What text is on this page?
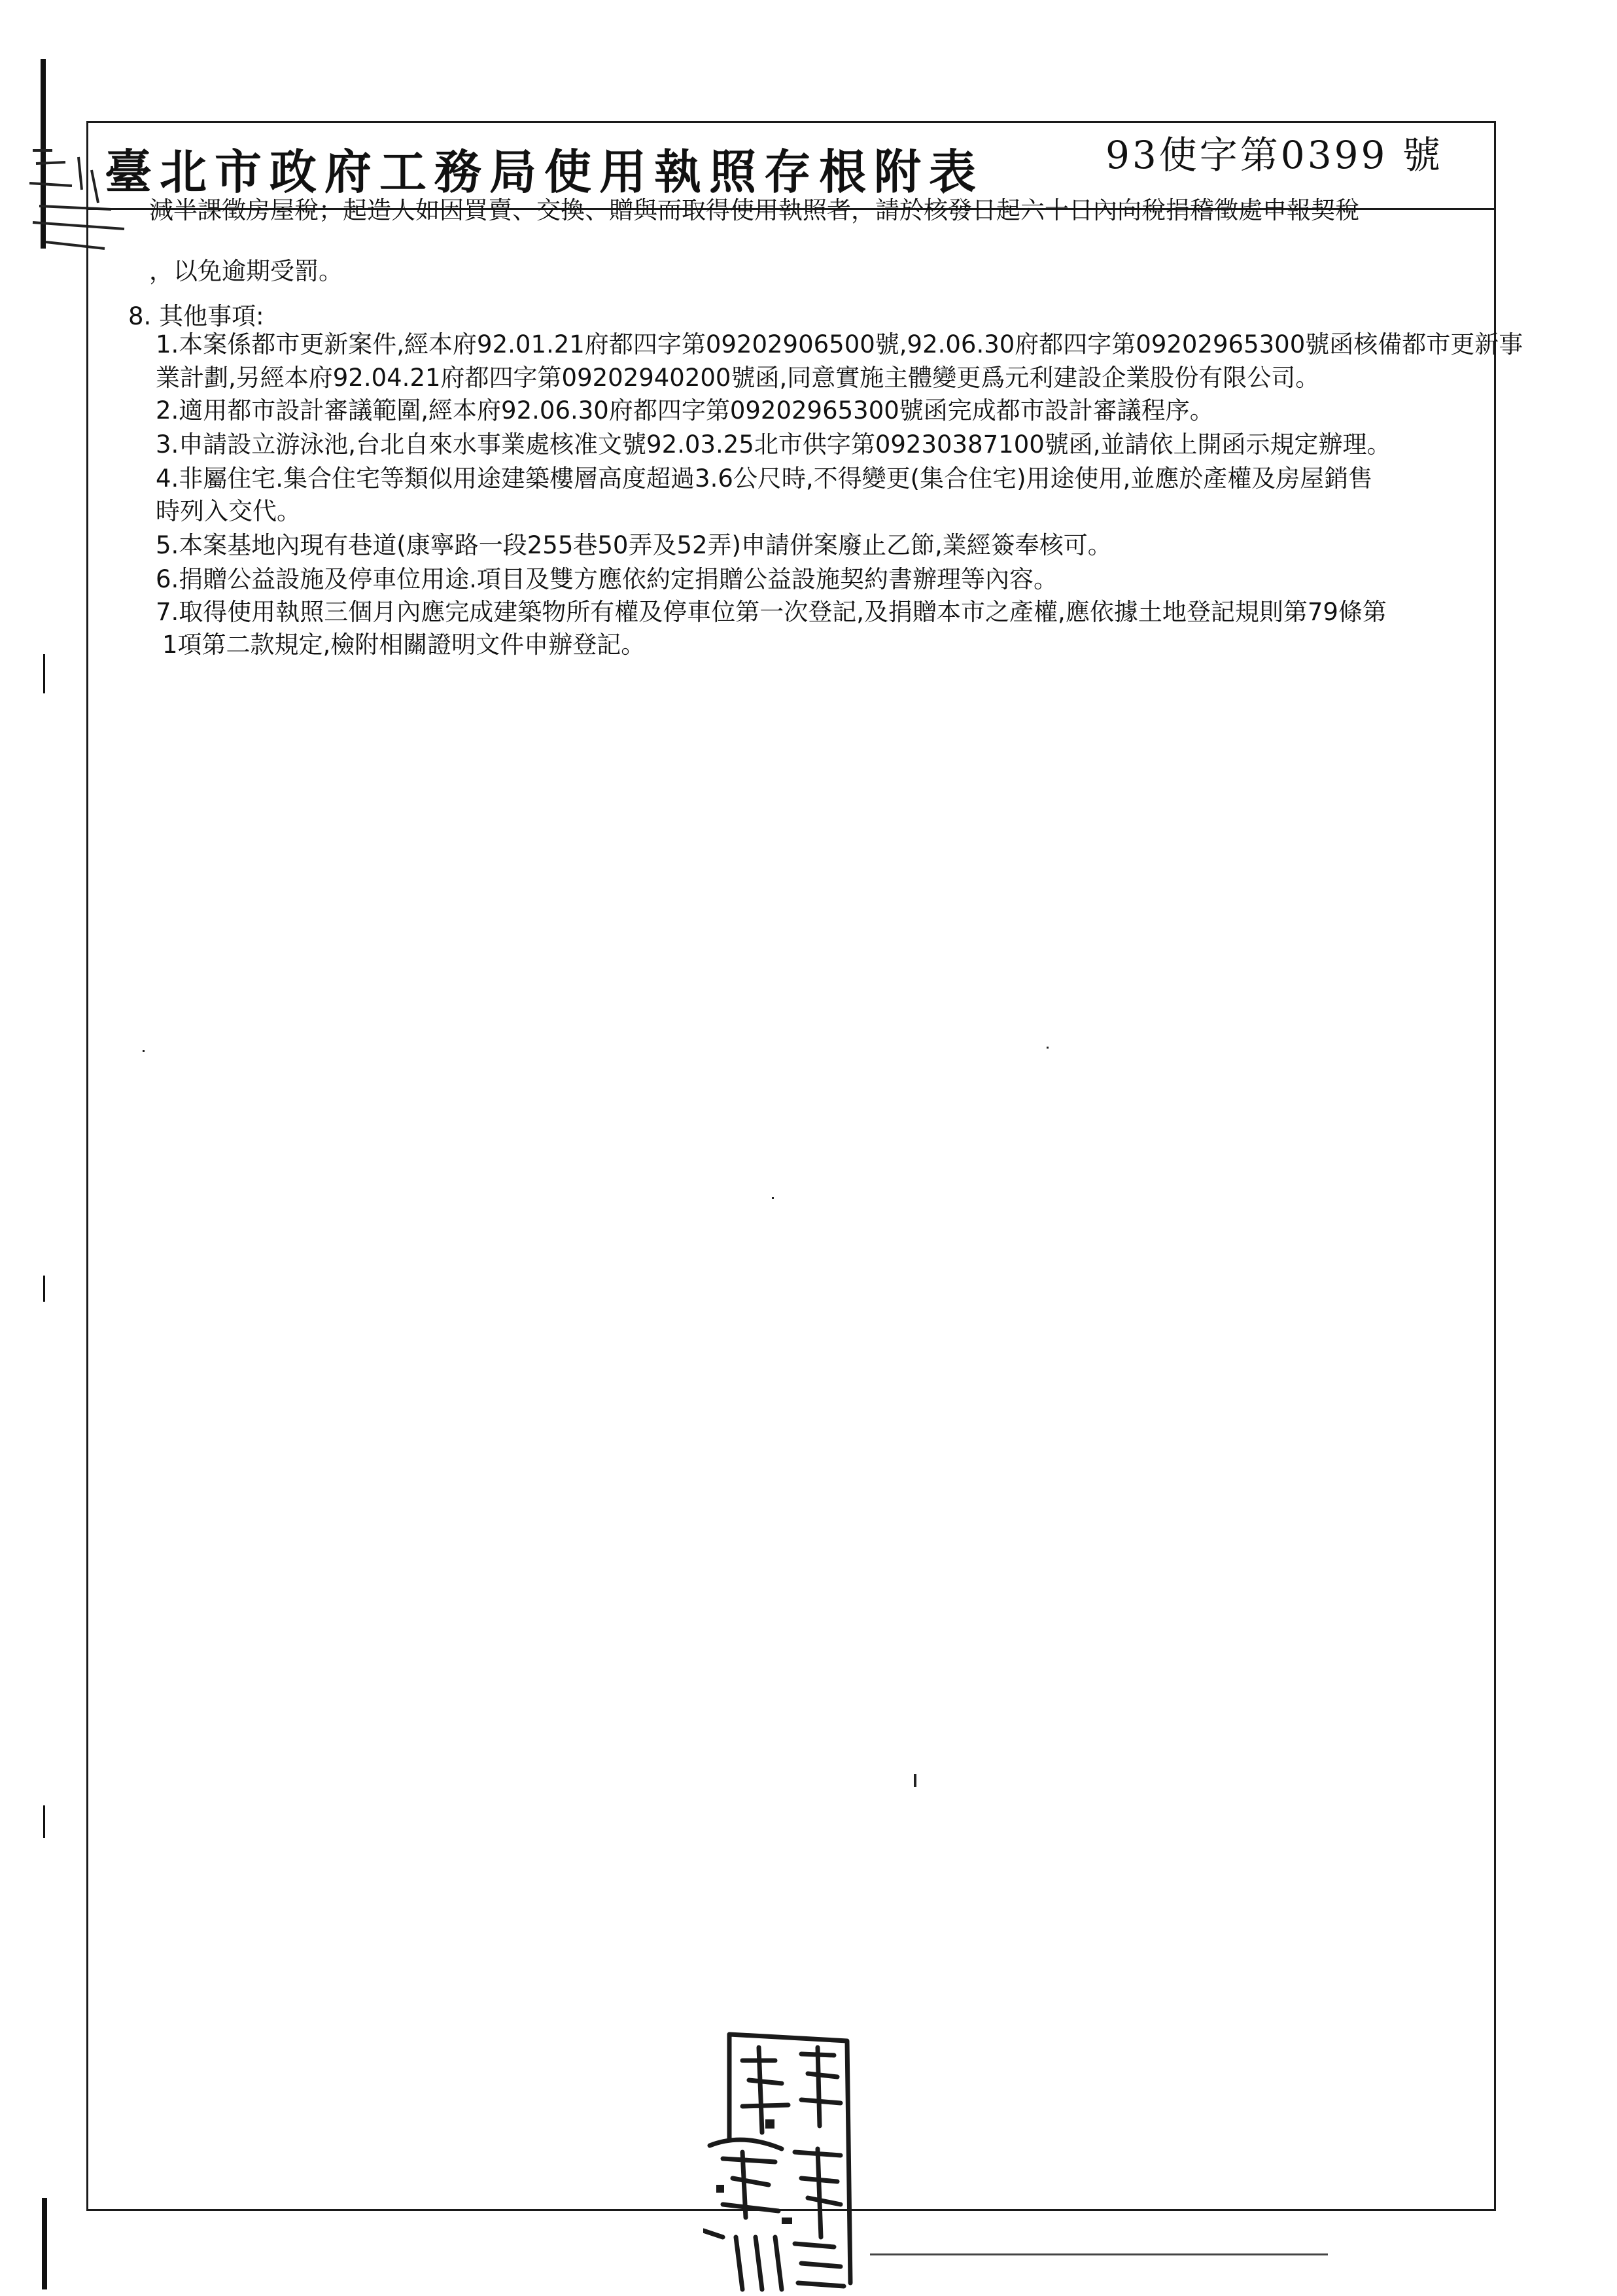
臺北市政府工務局使用執照存根附表	93使字第0399 號
減半課徵房屋稅；起造人如因買賣、交換、贈與而取得使用執照者，請於核發日起六十日內向稅捐稽徵處申報契稅
，以免逾期受罰。
8. 其他事項:
1.本案係都市更新案件,經本府92.01.21府都四字第09202906500號,92.06.30府都四字第09202965300號函核備都市更新事
業計劃,另經本府92.04.21府都四字第09202940200號函,同意實施主體變更爲元利建設企業股份有限公司。
2.適用都市設計審議範圍,經本府92.06.30府都四字第09202965300號函完成都市設計審議程序。
3.申請設立游泳池,台北自來水事業處核准文號92.03.25北市供字第09230387100號函,並請依上開函示規定辦理。
4.非屬住宅.集合住宅等類似用途建築樓層高度超過3.6公尺時,不得變更(集合住宅)用途使用,並應於產權及房屋銷售
時列入交代。
5.本案基地內現有巷道(康寧路一段255巷50弄及52弄)申請併案廢止乙節,業經簽奉核可。
6.捐贈公益設施及停車位用途.項目及雙方應依約定捐贈公益設施契約書辦理等內容。
7.取得使用執照三個月內應完成建築物所有權及停車位第一次登記,及捐贈本市之產權,應依據土地登記規則第79條第
1項第二款規定,檢附相關證明文件申辦登記。
